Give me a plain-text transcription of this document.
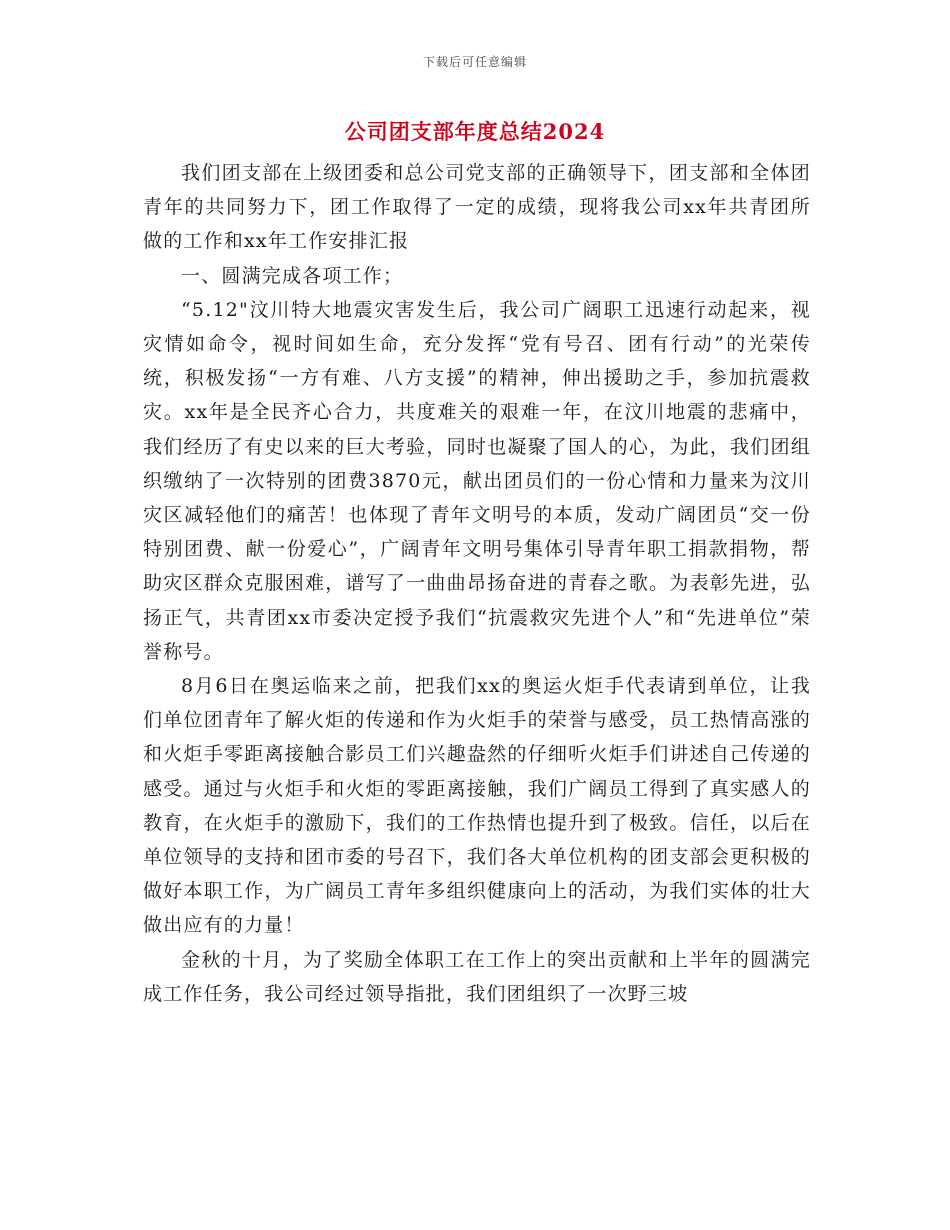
下载后可任意编辑
公司团支部年度总结2024

我们团支部在上级团委和总公司党支部的正确领导下，团支部和全体团青年的共同努力下，团工作取得了一定的成绩，现将我公司xx年共青团所做的工作和xx年工作安排汇报

一、圆满完成各项工作；

“5.12"汶川特大地震灾害发生后，我公司广阔职工迅速行动起来，视灾情如命令，视时间如生命，充分发挥“党有号召、团有行动”的光荣传统，积极发扬“一方有难、八方支援”的精神，伸出援助之手，参加抗震救灾。xx年是全民齐心合力，共度难关的艰难一年，在汶川地震的悲痛中，我们经历了有史以来的巨大考验，同时也凝聚了国人的心，为此，我们团组织缴纳了一次特别的团费3870元，献出团员们的一份心情和力量来为汶川灾区减轻他们的痛苦！也体现了青年文明号的本质，发动广阔团员“交一份特别团费、献一份爱心”，广阔青年文明号集体引导青年职工捐款捐物，帮助灾区群众克服困难，谱写了一曲曲昂扬奋进的青春之歌。为表彰先进，弘扬正气，共青团xx市委决定授予我们“抗震救灾先进个人”和“先进单位”荣誉称号。

8月6日在奥运临来之前，把我们xx的奥运火炬手代表请到单位，让我们单位团青年了解火炬的传递和作为火炬手的荣誉与感受，员工热情高涨的和火炬手零距离接触合影员工们兴趣盎然的仔细听火炬手们讲述自己传递的感受。通过与火炬手和火炬的零距离接触，我们广阔员工得到了真实感人的教育，在火炬手的激励下，我们的工作热情也提升到了极致。信任，以后在单位领导的支持和团市委的号召下，我们各大单位机构的团支部会更积极的做好本职工作，为广阔员工青年多组织健康向上的活动，为我们实体的壮大做出应有的力量！

金秋的十月，为了奖励全体职工在工作上的突出贡献和上半年的圆满完成工作任务，我公司经过领导指批，我们团组织了一次野三坡
